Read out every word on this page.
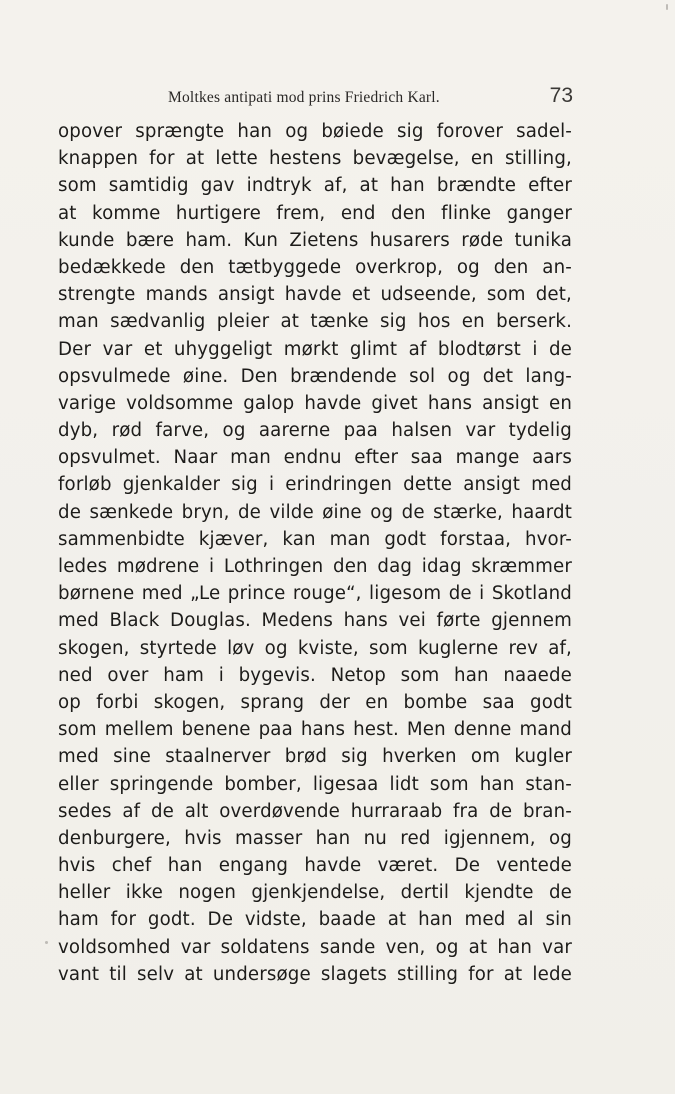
Moltkes antipati mod prins Friedrich Karl.	73
opover sprængte han og bøiede sig forover sadel-
knappen for at lette hestens bevægelse, en stilling,
som samtidig gav indtryk af, at han brændte efter
at komme hurtigere frem, end den flinke ganger
kunde bære ham. Kun Zietens husarers røde tunika
bedækkede den tætbyggede overkrop, og den an-
strengte mands ansigt havde et udseende, som det,
man sædvanlig pleier at tænke sig hos en berserk.
Der var et uhyggeligt mørkt glimt af blodtørst i de
opsvulmede øine. Den brændende sol og det lang-
varige voldsomme galop havde givet hans ansigt en
dyb, rød farve, og aarerne paa halsen var tydelig
opsvulmet. Naar man endnu efter saa mange aars
forløb gjenkalder sig i erindringen dette ansigt med
de sænkede bryn, de vilde øine og de stærke, haardt
sammenbidte kjæver, kan man godt forstaa, hvor-
ledes mødrene i Lothringen den dag idag skræmmer
børnene med „Le prince rouge“, ligesom de i Skotland
med Black Douglas. Medens hans vei førte gjennem
skogen, styrtede løv og kviste, som kuglerne rev af,
ned over ham i bygevis. Netop som han naaede
op forbi skogen, sprang der en bombe saa godt
som mellem benene paa hans hest. Men denne mand
med sine staalnerver brød sig hverken om kugler
eller springende bomber, ligesaa lidt som han stan-
sedes af de alt overdøvende hurraraab fra de bran-
denburgere, hvis masser han nu red igjennem, og
hvis chef han engang havde været. De ventede
heller ikke nogen gjenkjendelse, dertil kjendte de
ham for godt. De vidste, baade at han med al sin
voldsomhed var soldatens sande ven, og at han var
vant til selv at undersøge slagets stilling for at lede
